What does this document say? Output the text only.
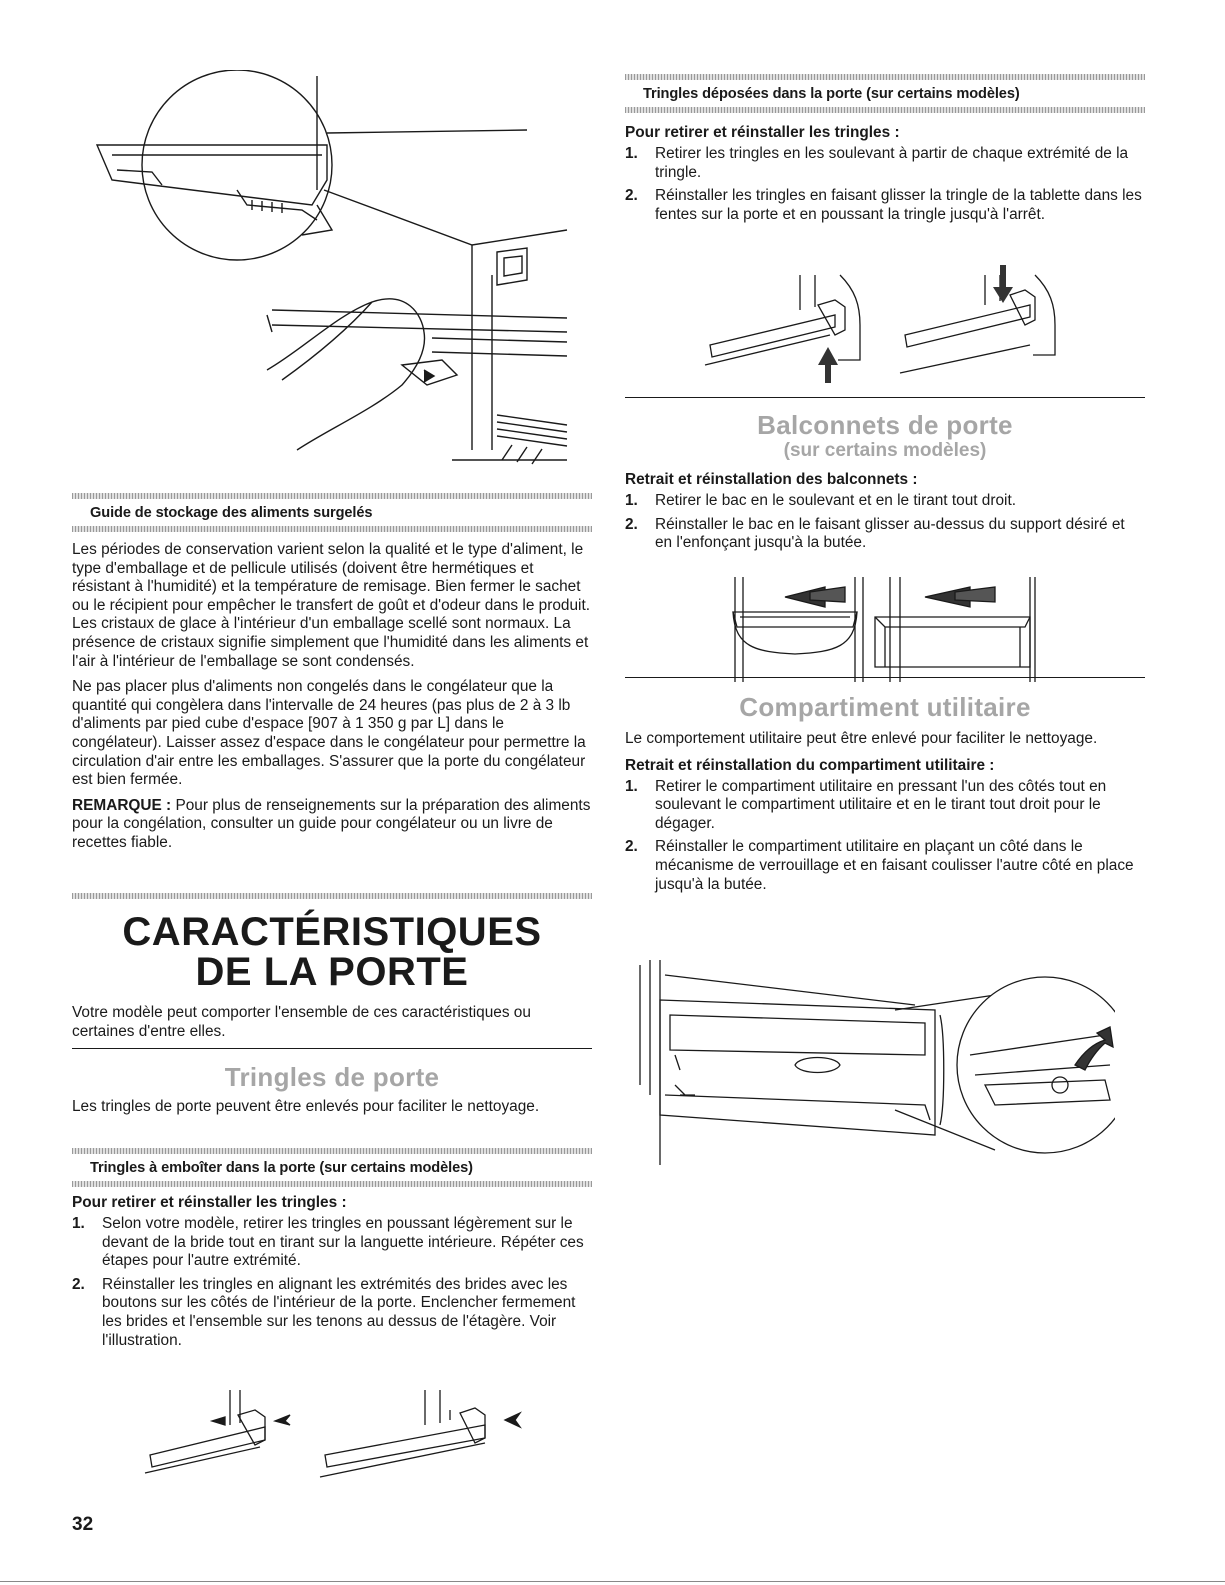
Guide de stockage des aliments surgelés

Les périodes de conservation varient selon la qualité et le type d'aliment, le type d'emballage et de pellicule utilisés (doivent être hermétiques et résistant à l'humidité) et la température de remisage. Bien fermer le sachet ou le récipient pour empêcher le transfert de goût et d'odeur dans le produit. Les cristaux de glace à l'intérieur d'un emballage scellé sont normaux. La présence de cristaux signifie simplement que l'humidité dans les aliments et l'air à l'intérieur de l'emballage se sont condensés.

Ne pas placer plus d'aliments non congelés dans le congélateur que la quantité qui congèlera dans l'intervalle de 24 heures (pas plus de 2 à 3 lb d'aliments par pied cube d'espace [907 à 1 350 g par L] dans le congélateur). Laisser assez d'espace dans le congélateur pour permettre la circulation d'air entre les emballages. S'assurer que la porte du congélateur est bien fermée.

REMARQUE : Pour plus de renseignements sur la préparation des aliments pour la congélation, consulter un guide pour congélateur ou un livre de recettes fiable.

CARACTÉRISTIQUES

DE LA PORTE

Votre modèle peut comporter l'ensemble de ces caractéristiques ou certaines d'entre elles.

Tringles de porte

Les tringles de porte peuvent être enlevés pour faciliter le nettoyage.

Tringles à emboîter dans la porte (sur certains modèles)

Pour retirer et réinstaller les tringles :

1. Selon votre modèle, retirer les tringles en poussant légèrement sur le devant de la bride tout en tirant sur la languette intérieure. Répéter ces étapes pour l'autre extrémité.
2. Réinstaller les tringles en alignant les extrémités des brides avec les boutons sur les côtés de l'intérieur de la porte. Enclencher fermement les brides et l'ensemble sur les tenons au dessus de l'étagère. Voir l'illustration.
Tringles déposées dans la porte (sur certains modèles)

Pour retirer et réinstaller les tringles :

1. Retirer les tringles en les soulevant à partir de chaque extrémité de la tringle.
2. Réinstaller les tringles en faisant glisser la tringle de la tablette dans les fentes sur la porte et en poussant la tringle jusqu'à l'arrêt.
Balconnets de porte
(sur certains modèles)

Retrait et réinstallation des balconnets :

1. Retirer le bac en le soulevant et en le tirant tout droit.
2. Réinstaller le bac en le faisant glisser au-dessus du support désiré et en l'enfonçant jusqu'à la butée.
Compartiment utilitaire

Le comportement utilitaire peut être enlevé pour faciliter le nettoyage.

Retrait et réinstallation du compartiment utilitaire :

1. Retirer le compartiment utilitaire en pressant l'un des côtés tout en soulevant le compartiment utilitaire et en le tirant tout droit pour le dégager.
2. Réinstaller le compartiment utilitaire en plaçant un côté dans le mécanisme de verrouillage et en faisant coulisser l'autre côté en place jusqu'à la butée.
32
